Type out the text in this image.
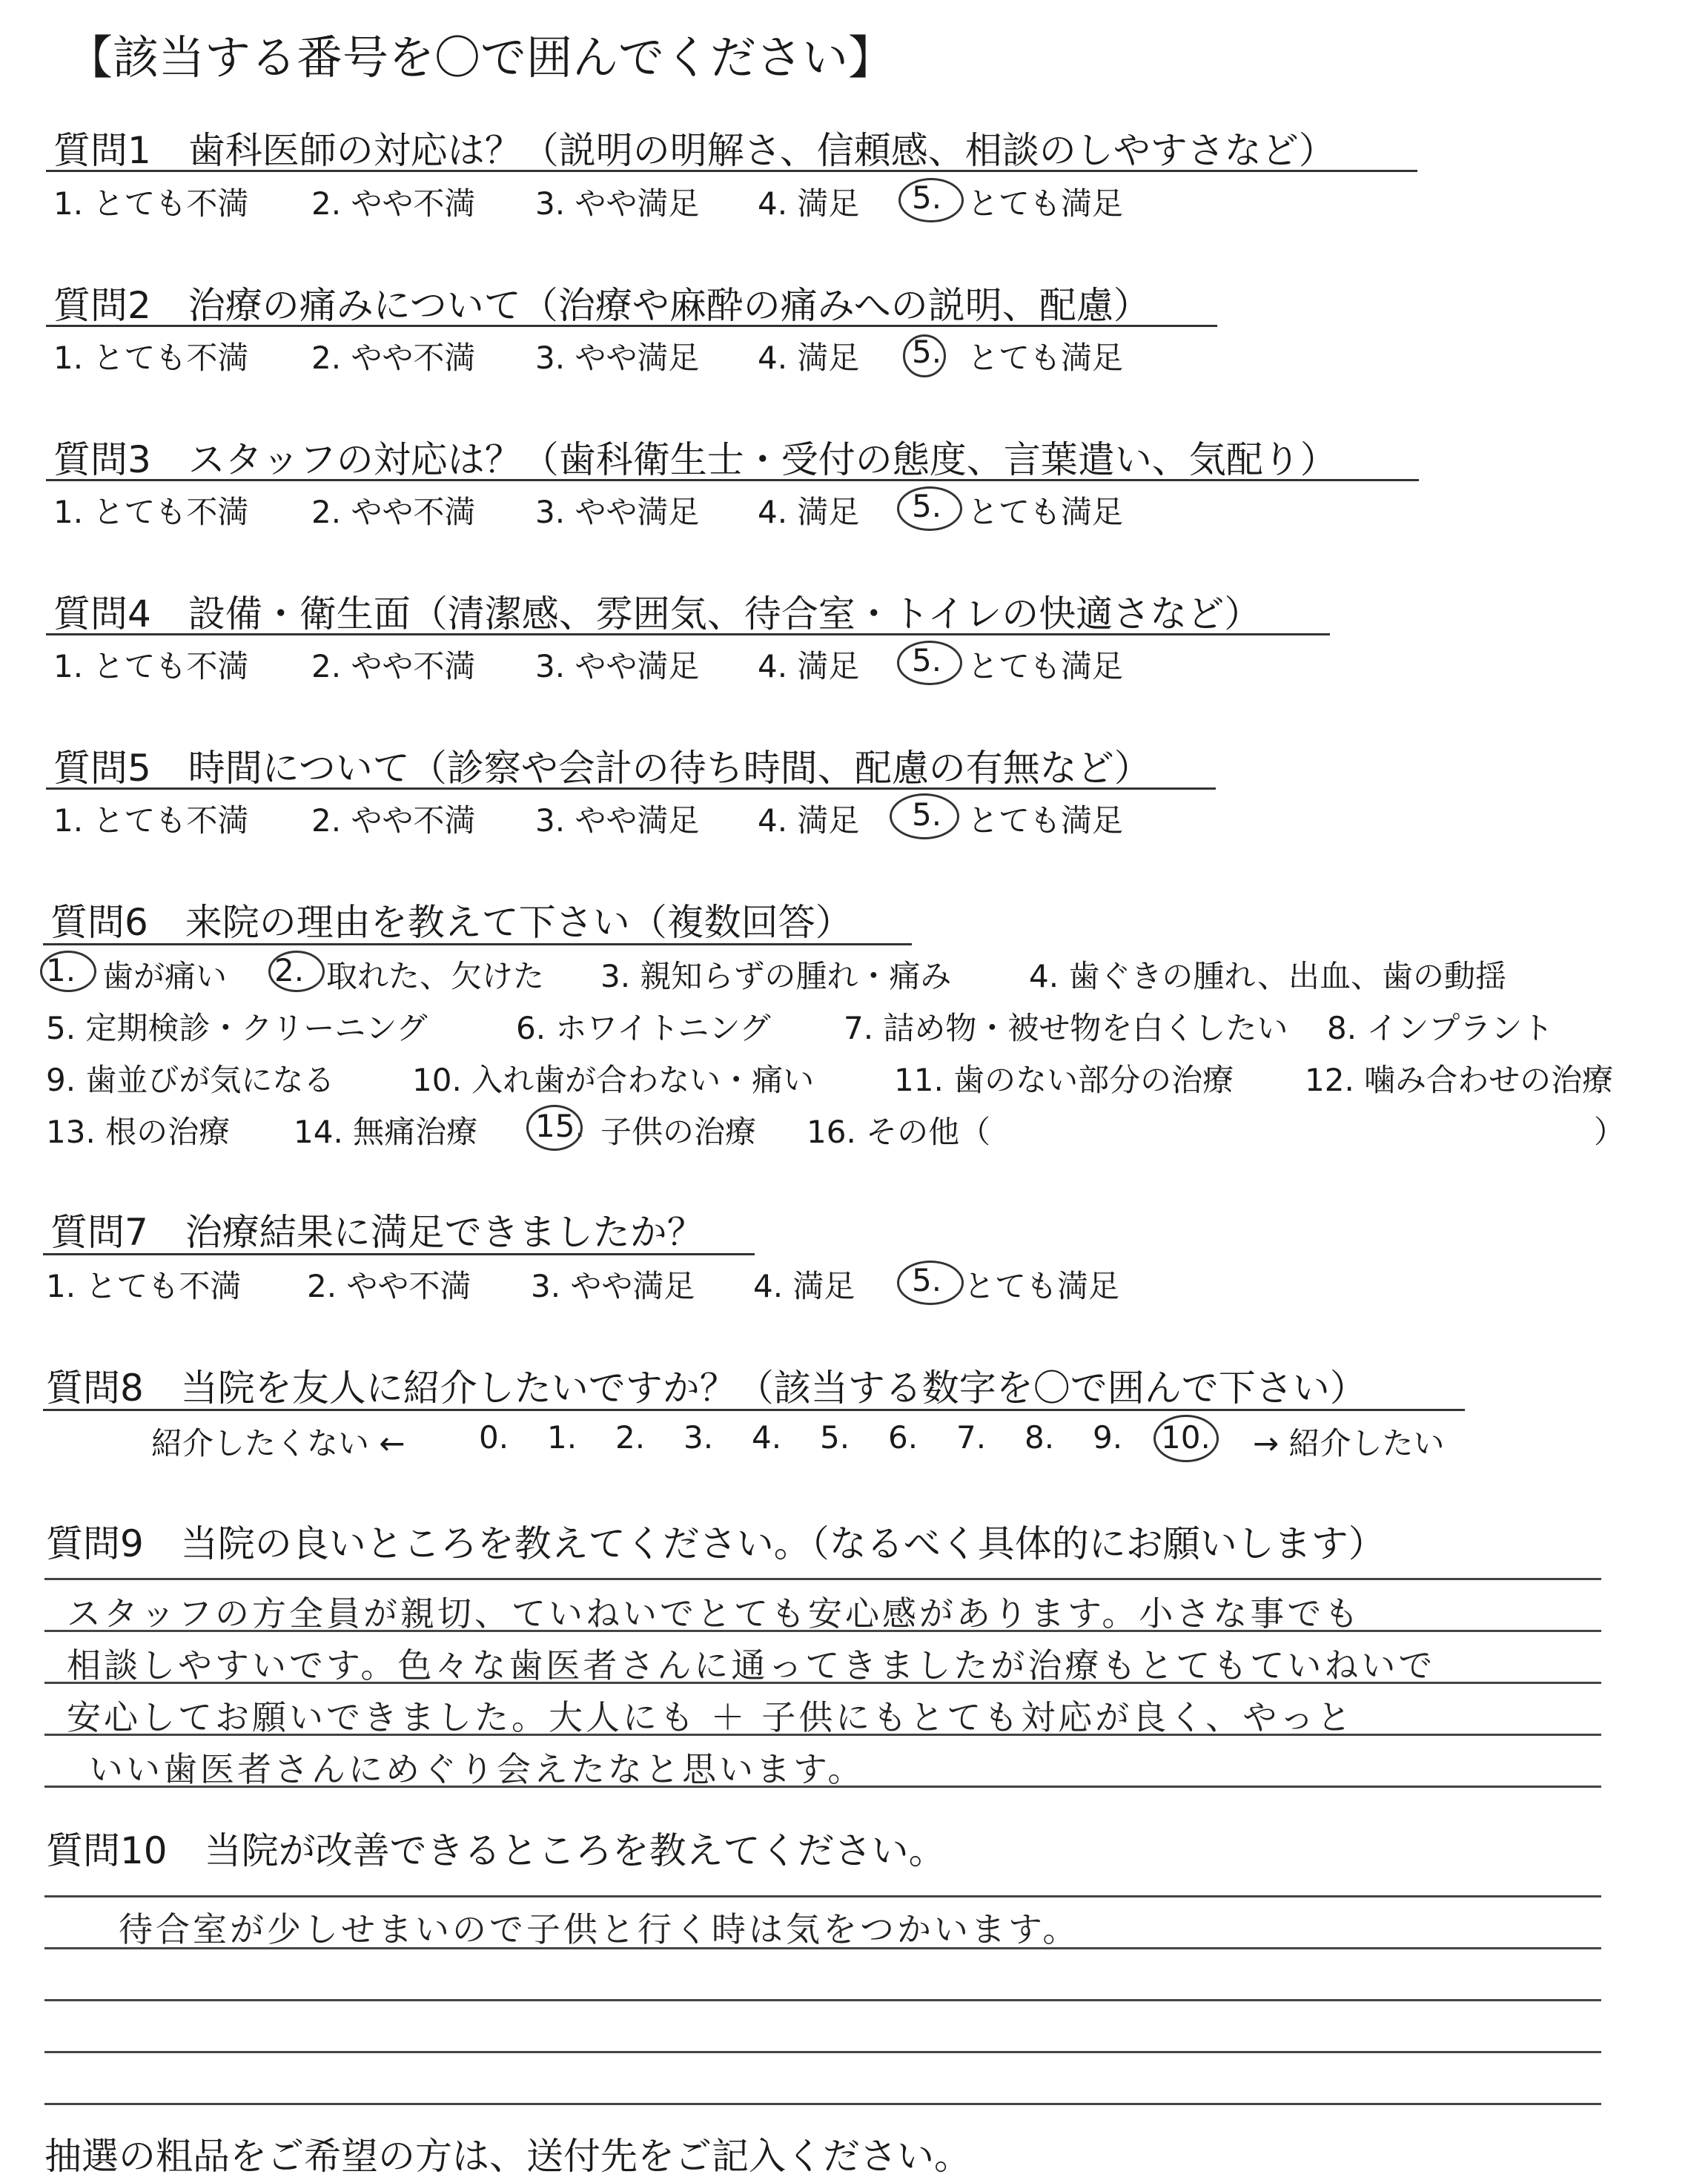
【該当する番号を〇で囲んでください】
質問1　歯科医師の対応は？（説明の明解さ、信頼感、相談のしやすさなど）
1. とても不満 2. やや不満 3. やや満足 4. 満足 5. とても満足
質問2　治療の痛みについて（治療や麻酔の痛みへの説明、配慮）
1. とても不満 2. やや不満 3. やや満足 4. 満足 5. とても満足
質問3　スタッフの対応は？（歯科衛生士・受付の態度、言葉遣い、気配り）
1. とても不満 2. やや不満 3. やや満足 4. 満足 5. とても満足
質問4　設備・衛生面（清潔感、雰囲気、待合室・トイレの快適さなど）
1. とても不満 2. やや不満 3. やや満足 4. 満足 5. とても満足
質問5　時間について（診察や会計の待ち時間、配慮の有無など）
1. とても不満 2. やや不満 3. やや満足 4. 満足 5. とても満足
質問6　来院の理由を教えて下さい（複数回答）
1. 歯が痛い 2. 取れた、欠けた 3. 親知らずの腫れ・痛み 4. 歯ぐきの腫れ、出血、歯の動揺
5. 定期検診・クリーニング	6. ホワイトニング 7. 詰め物・被せ物を白くしたい 8. インプラント
9. 歯並びが気になる 10. 入れ歯が合わない・痛い	11. 歯のない部分の治療 12. 噛み合わせの治療
13. 根の治療 14. 無痛治療 15. 子供の治療 16. その他（	）
質問7　治療結果に満足できましたか？
1. とても不満 2. やや不満 3. やや満足 4. 満足 5. とても満足
質問8　当院を友人に紹介したいですか？（該当する数字を〇で囲んで下さい）
紹介したくない ← 0. 1. 2. 3. 4. 5. 6. 7. 8. 9. 10. → 紹介したい
質問9　当院の良いところを教えてください。（なるべく具体的にお願いします）
スタッフの方全員が親切、ていねいでとても安心感があります。小さな事でも
相談しやすいです。色々な歯医者さんに通ってきましたが治療もとてもていねいで
安心してお願いできました。大人にも ＋ 子供にもとても対応が良く、やっと
いい歯医者さんにめぐり会えたなと思います。
質問10　当院が改善できるところを教えてください。
待合室が少しせまいので子供と行く時は気をつかいます。
抽選の粗品をご希望の方は、送付先をご記入ください。
